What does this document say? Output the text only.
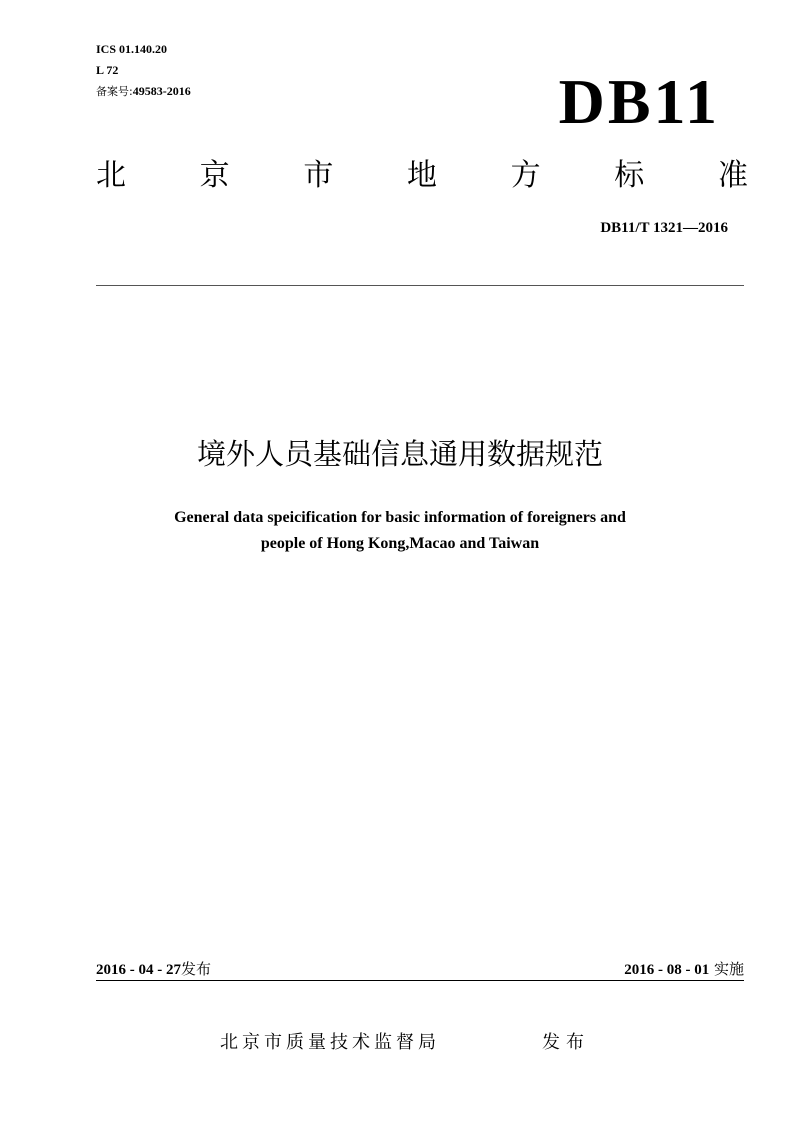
ICS 01.140.20
L 72
备案号:49583-2016	DB11
北 京 市 地 方 标 准
DB11/T 1321—2016
境外人员基础信息通用数据规范
General data speicification for basic information of foreigners and
people of Hong Kong,Macao and Taiwan
2016 - 04 - 27发布	2016 - 08 - 01 实施
北京市质量技术监督局	发布
